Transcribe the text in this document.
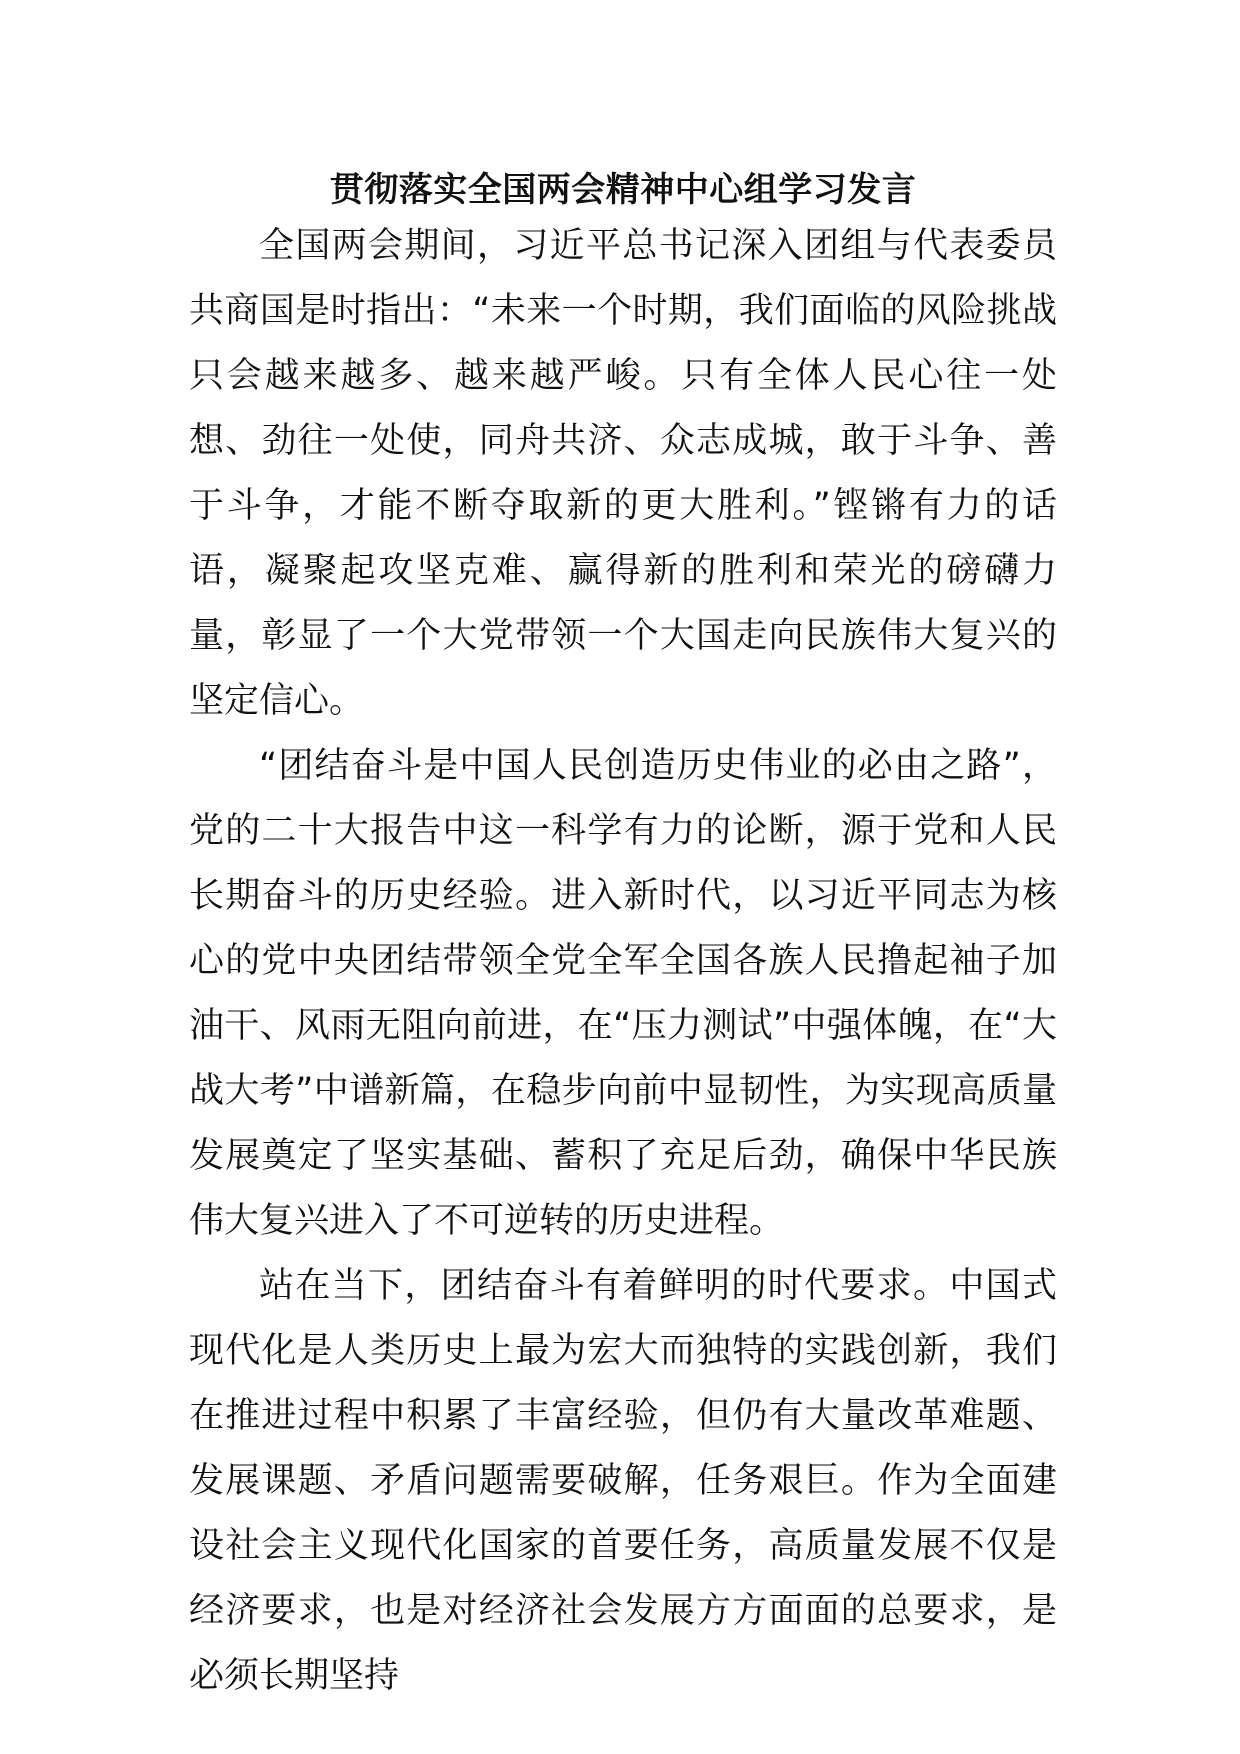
贯彻落实全国两会精神中心组学习发言

全国两会期间，习近平总书记深入团组与代表委员共商国是时指出：“未来一个时期，我们面临的风险挑战只会越来越多、越来越严峻。只有全体人民心往一处想、劲往一处使，同舟共济、众志成城，敢于斗争、善于斗争，才能不断夺取新的更大胜利。”铿锵有力的话语，凝聚起攻坚克难、赢得新的胜利和荣光的磅礴力量，彰显了一个大党带领一个大国走向民族伟大复兴的坚定信心。

“团结奋斗是中国人民创造历史伟业的必由之路”，党的二十大报告中这一科学有力的论断，源于党和人民长期奋斗的历史经验。进入新时代，以习近平同志为核心的党中央团结带领全党全军全国各族人民撸起袖子加油干、风雨无阻向前进，在“压力测试”中强体魄，在“大战大考”中谱新篇，在稳步向前中显韧性，为实现高质量发展奠定了坚实基础、蓄积了充足后劲，确保中华民族伟大复兴进入了不可逆转的历史进程。

站在当下，团结奋斗有着鲜明的时代要求。中国式现代化是人类历史上最为宏大而独特的实践创新，我们在推进过程中积累了丰富经验，但仍有大量改革难题、发展课题、矛盾问题需要破解，任务艰巨。作为全面建设社会主义现代化国家的首要任务，高质量发展不仅是经济要求，也是对经济社会发展方方面面的总要求，是必须长期坚持
